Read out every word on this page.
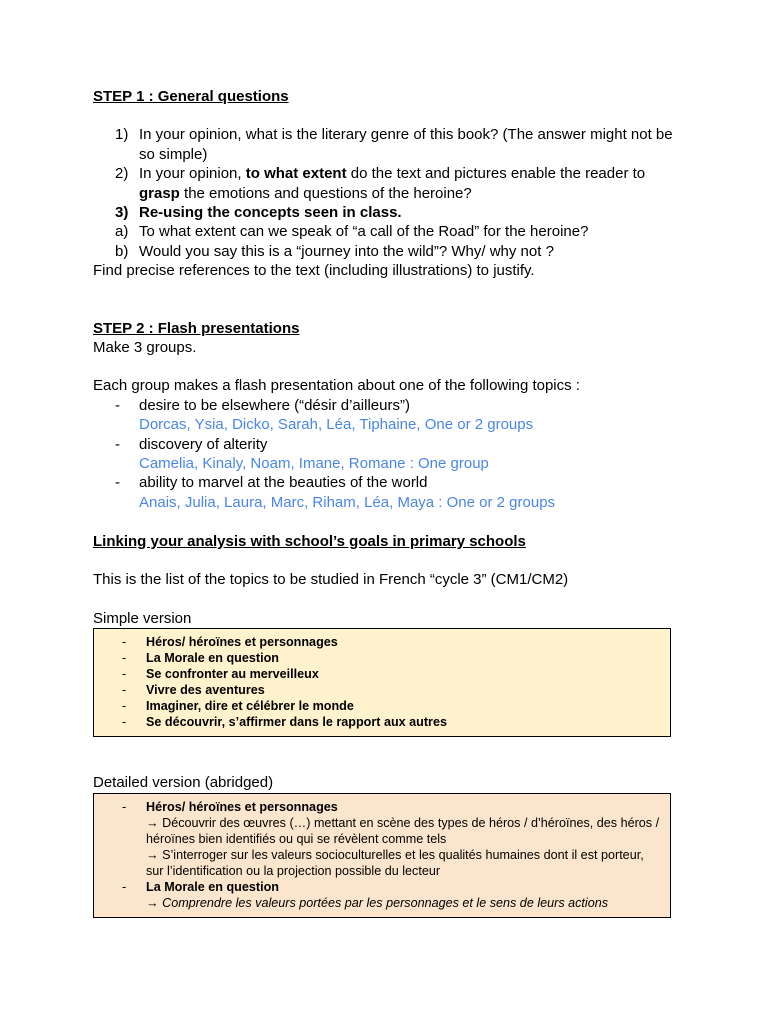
STEP 1 : General questions

1) In your opinion, what is the literary genre of this book? (The answer might not be so simple)
2) In your opinion, to what extent do the text and pictures enable the reader to grasp the emotions and questions of the heroine?
3) Re-using the concepts seen in class.
a) To what extent can we speak of “a call of the Road” for the heroine?
b) Would you say this is a “journey into the wild”? Why/ why not ?

Find precise references to the text (including illustrations) to justify.

STEP 2 : Flash presentations

Make 3 groups.

Each group makes a flash presentation about one of the following topics :

- desire to be elsewhere (“désir d’ailleurs”)
Dorcas, Ysia, Dicko, Sarah, Léa, Tiphaine, One or 2 groups
- discovery of alterity
Camelia, Kinaly, Noam, Imane, Romane : One group
- ability to marvel at the beauties of the world
Anais, Julia, Laura, Marc, Riham, Léa, Maya : One or 2 groups

Linking your analysis with school’s goals in primary schools

This is the list of the topics to be studied in French “cycle 3” (CM1/CM2)

Simple version

- Héros/ héroïnes et personnages
- La Morale en question
- Se confronter au merveilleux
- Vivre des aventures
- Imaginer, dire et célébrer le monde
- Se découvrir, s’affirmer dans le rapport aux autres

Detailed version (abridged)

- Héros/ héroïnes et personnages
→ Découvrir des œuvres (…) mettant en scène des types de héros / d’héroïnes, des héros / héroïnes bien identifiés ou qui se révèlent comme tels
→ S’interroger sur les valeurs socioculturelles et les qualités humaines dont il est porteur, sur l’identification ou la projection possible du lecteur
- La Morale en question
→ Comprendre les valeurs portées par les personnages et le sens de leurs actions
